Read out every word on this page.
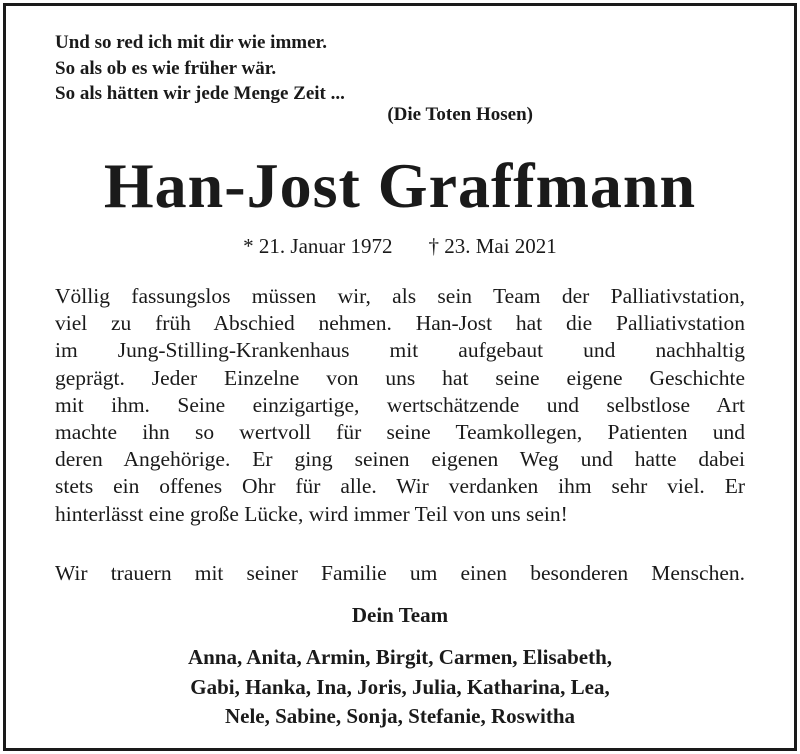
Und so red ich mit dir wie immer.
So als ob es wie früher wär.
So als hätten wir jede Menge Zeit ...
(Die Toten Hosen)
Han-Jost Graffmann
* 21. Januar 1972 † 23. Mai 2021
Völlig fassungslos müssen wir, als sein Team der Palliativstation,
viel zu früh Abschied nehmen. Han-Jost hat die Palliativstation
im Jung-Stilling-Krankenhaus mit aufgebaut und nachhaltig
geprägt. Jeder Einzelne von uns hat seine eigene Geschichte
mit ihm. Seine einzigartige, wertschätzende und selbstlose Art
machte ihn so wertvoll für seine Teamkollegen, Patienten und
deren Angehörige. Er ging seinen eigenen Weg und hatte dabei
stets ein offenes Ohr für alle. Wir verdanken ihm sehr viel. Er
hinterlässt eine große Lücke, wird immer Teil von uns sein!
Wir trauern mit seiner Familie um einen besonderen Menschen.
Dein Team
Anna, Anita, Armin, Birgit, Carmen, Elisabeth,
Gabi, Hanka, Ina, Joris, Julia, Katharina, Lea,
Nele, Sabine, Sonja, Stefanie, Roswitha
